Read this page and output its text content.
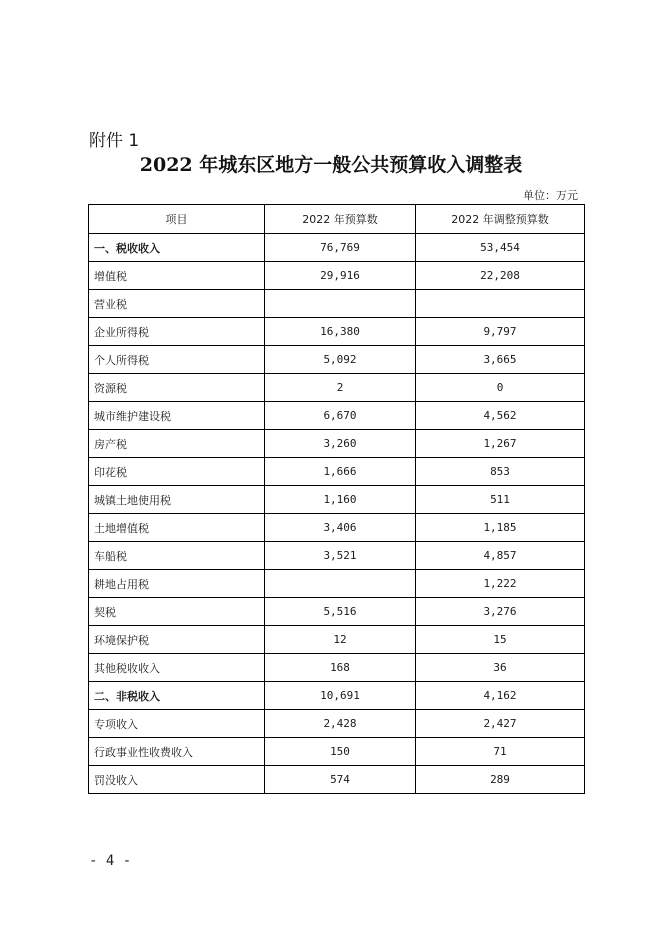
附件 1
2022 年城东区地方一般公共预算收入调整表
单位：万元
项目	2022 年预算数	2022 年调整预算数
一、税收收入	76,769	53,454
增值税	29,916	22,208
营业税		
企业所得税	16,380	9,797
个人所得税	5,092	3,665
资源税	2	0
城市维护建设税	6,670	4,562
房产税	3,260	1,267
印花税	1,666	853
城镇土地使用税	1,160	511
土地增值税	3,406	1,185
车船税	3,521	4,857
耕地占用税		1,222
契税	5,516	3,276
环境保护税	12	15
其他税收收入	168	36
二、非税收入	10,691	4,162
专项收入	2,428	2,427
行政事业性收费收入	150	71
罚没收入	574	289
- 4 -
